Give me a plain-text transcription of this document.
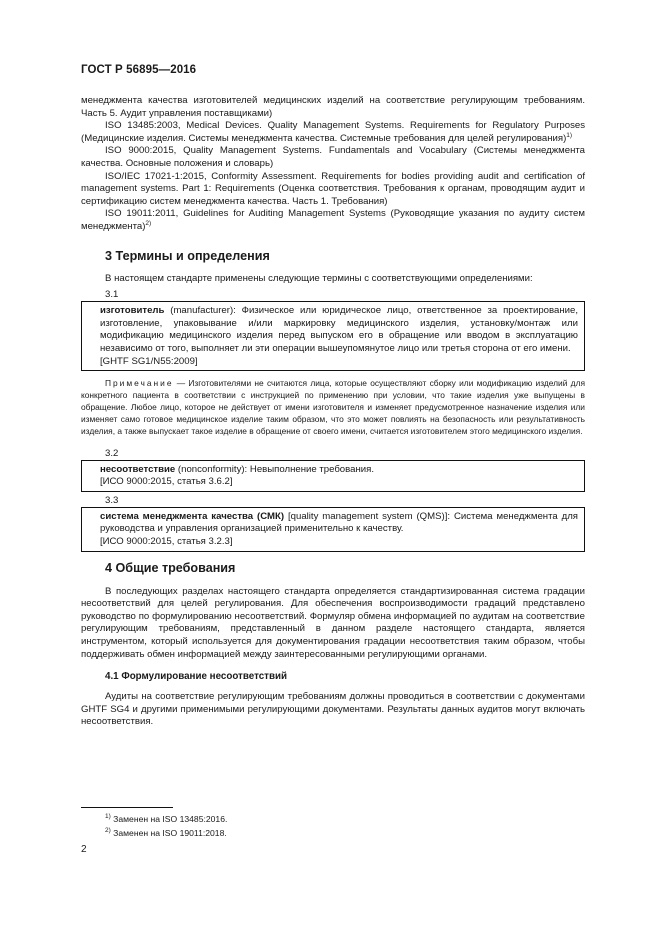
ГОСТ Р 56895—2016

менеджмента качества изготовителей медицинских изделий на соответствие регулирующим требованиям. Часть 5. Аудит управления поставщиками)

ISO 13485:2003, Medical Devices. Quality Management Systems. Requirements for Regulatory Purposes (Медицинские изделия. Системы менеджмента качества. Системные требования для целей регулирования)$^{1)}$

ISO 9000:2015, Quality Management Systems. Fundamentals and Vocabulary (Системы менеджмента качества. Основные положения и словарь)

ISO/IEC 17021-1:2015, Conformity Assessment. Requirements for bodies providing audit and certification of management systems. Part 1: Requirements (Оценка соответствия. Требования к органам, проводящим аудит и сертификацию систем менеджмента качества. Часть 1. Требования)

ISO 19011:2011, Guidelines for Auditing Management Systems (Руководящие указания по аудиту систем менеджмента)$^{2)}$

3 Термины и определения

В настоящем стандарте применены следующие термины с соответствующими определениями:

3.1

изготовитель (manufacturer): Физическое или юридическое лицо, ответственное за проектирование, изготовление, упаковывание и/или маркировку медицинского изделия, установку/монтаж или модификацию медицинского изделия перед выпуском его в обращение или вводом в эксплуатацию независимо от того, выполняет ли эти операции вышеупомянутое лицо или третья сторона от его имени.

[GHTF SG1/N55:2009]

Примечание — Изготовителями не считаются лица, которые осуществляют сборку или модификацию изделий для конкретного пациента в соответствии с инструкцией по применению при условии, что такие изделия уже выпущены в обращение. Любое лицо, которое не действует от имени изготовителя и изменяет предусмотренное назначение изделия или изменяет само готовое медицинское изделие таким образом, что это может повлиять на безопасность или результативность изделия, а также выпускает такое изделие в обращение от своего имени, считается изготовителем этого медицинского изделия.

3.2

несоответствие (nonconformity): Невыполнение требования.

[ИСО 9000:2015, статья 3.6.2]
3.3

система менеджмента качества (СМК) [quality management system (QMS)]: Система менеджмента для руководства и управления организацией применительно к качеству.

[ИСО 9000:2015, статья 3.2.3]
4 Общие требования

В последующих разделах настоящего стандарта определяется стандартизированная система градации несоответствий для целей регулирования. Для обеспечения воспроизводимости градаций представлено руководство по формулированию несоответствий. Формуляр обмена информацией по аудитам на соответствие регулирующим требованиям, представленный в данном разделе настоящего стандарта, является инструментом, который используется для документирования градации несоответствия таким образом, чтобы поддерживать обмен информацией между заинтересованными регулирующими органами.

4.1 Формулирование несоответствий

Аудиты на соответствие регулирующим требованиям должны проводиться в соответствии с документами GHTF SG4 и другими применимыми регулирующими документами. Результаты данных аудитов могут включать несоответствия.

$^{1)}$ Заменен на ISO 13485:2016.
$^{2)}$ Заменен на ISO 19011:2018.
2
